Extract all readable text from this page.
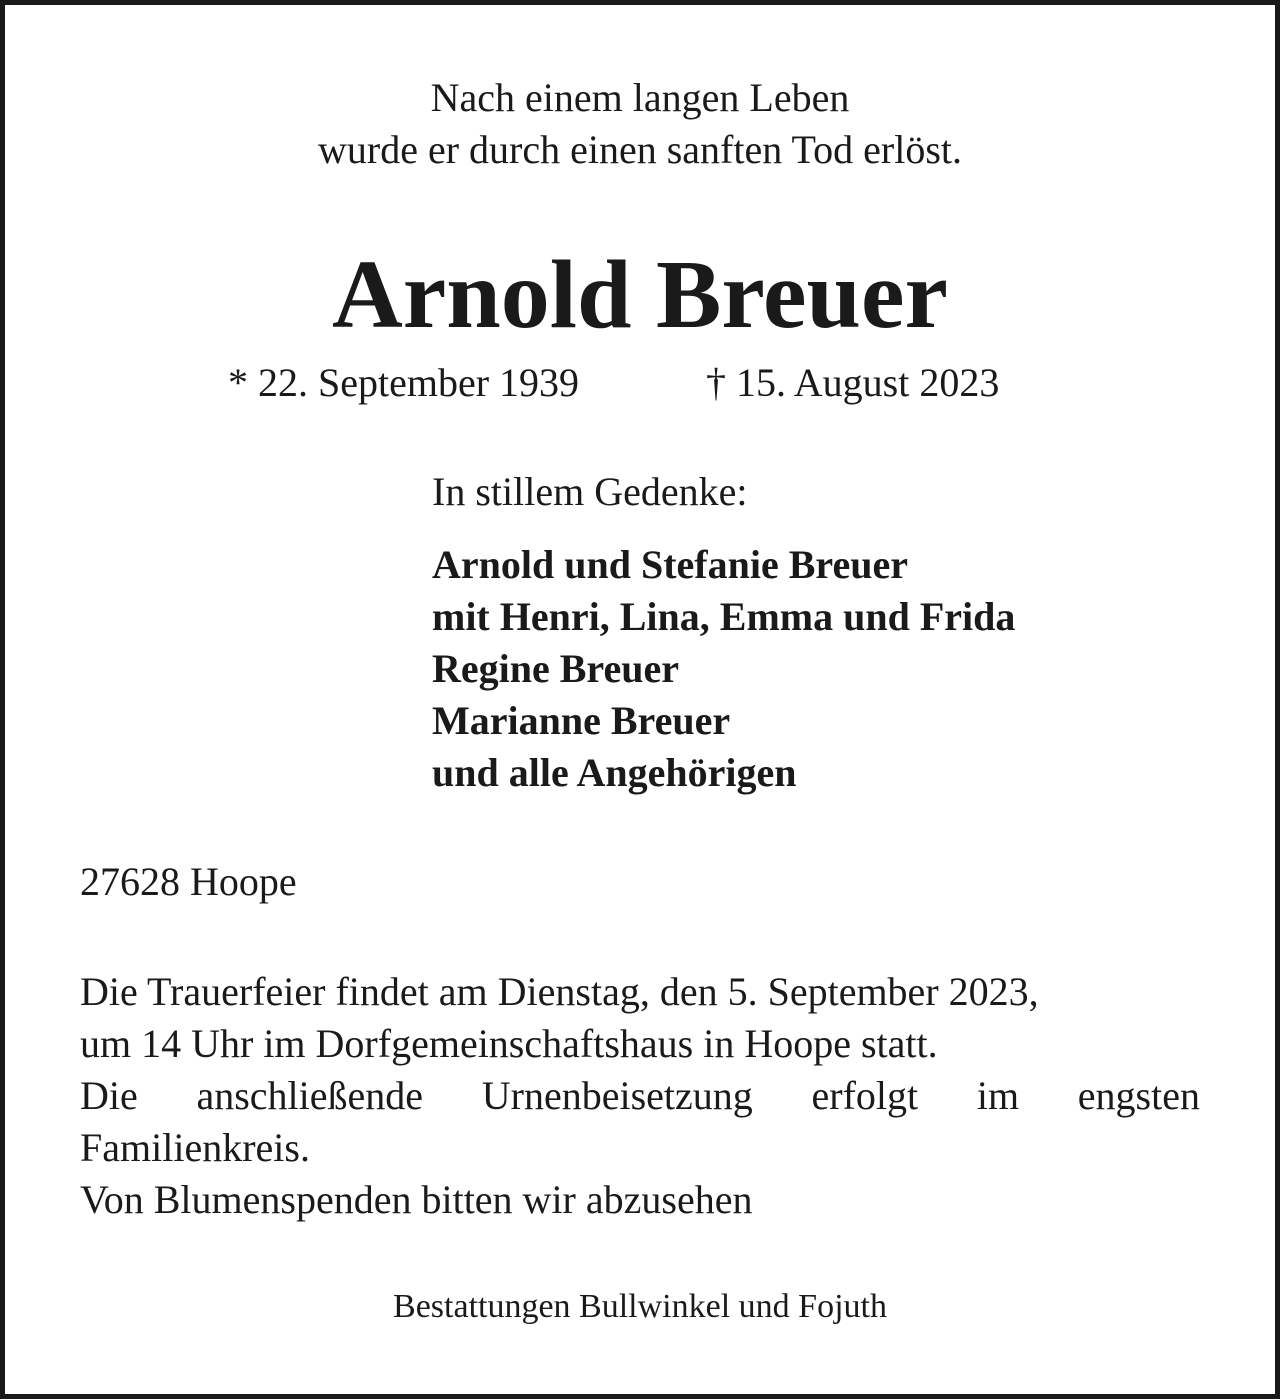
Nach einem langen Leben
wurde er durch einen sanften Tod erlöst.
Arnold Breuer
* 22. September 1939	† 15. August 2023
In stillem Gedenke:
Arnold und Stefanie Breuer
mit Henri, Lina, Emma und Frida
Regine Breuer
Marianne Breuer
und alle Angehörigen
27628 Hoope
Die Trauerfeier findet am Dienstag, den 5. September 2023,
um 14 Uhr im Dorfgemeinschaftshaus in Hoope statt.
Die anschließende Urnenbeisetzung erfolgt im engsten
Familienkreis.
Von Blumenspenden bitten wir abzusehen
Bestattungen Bullwinkel und Fojuth
